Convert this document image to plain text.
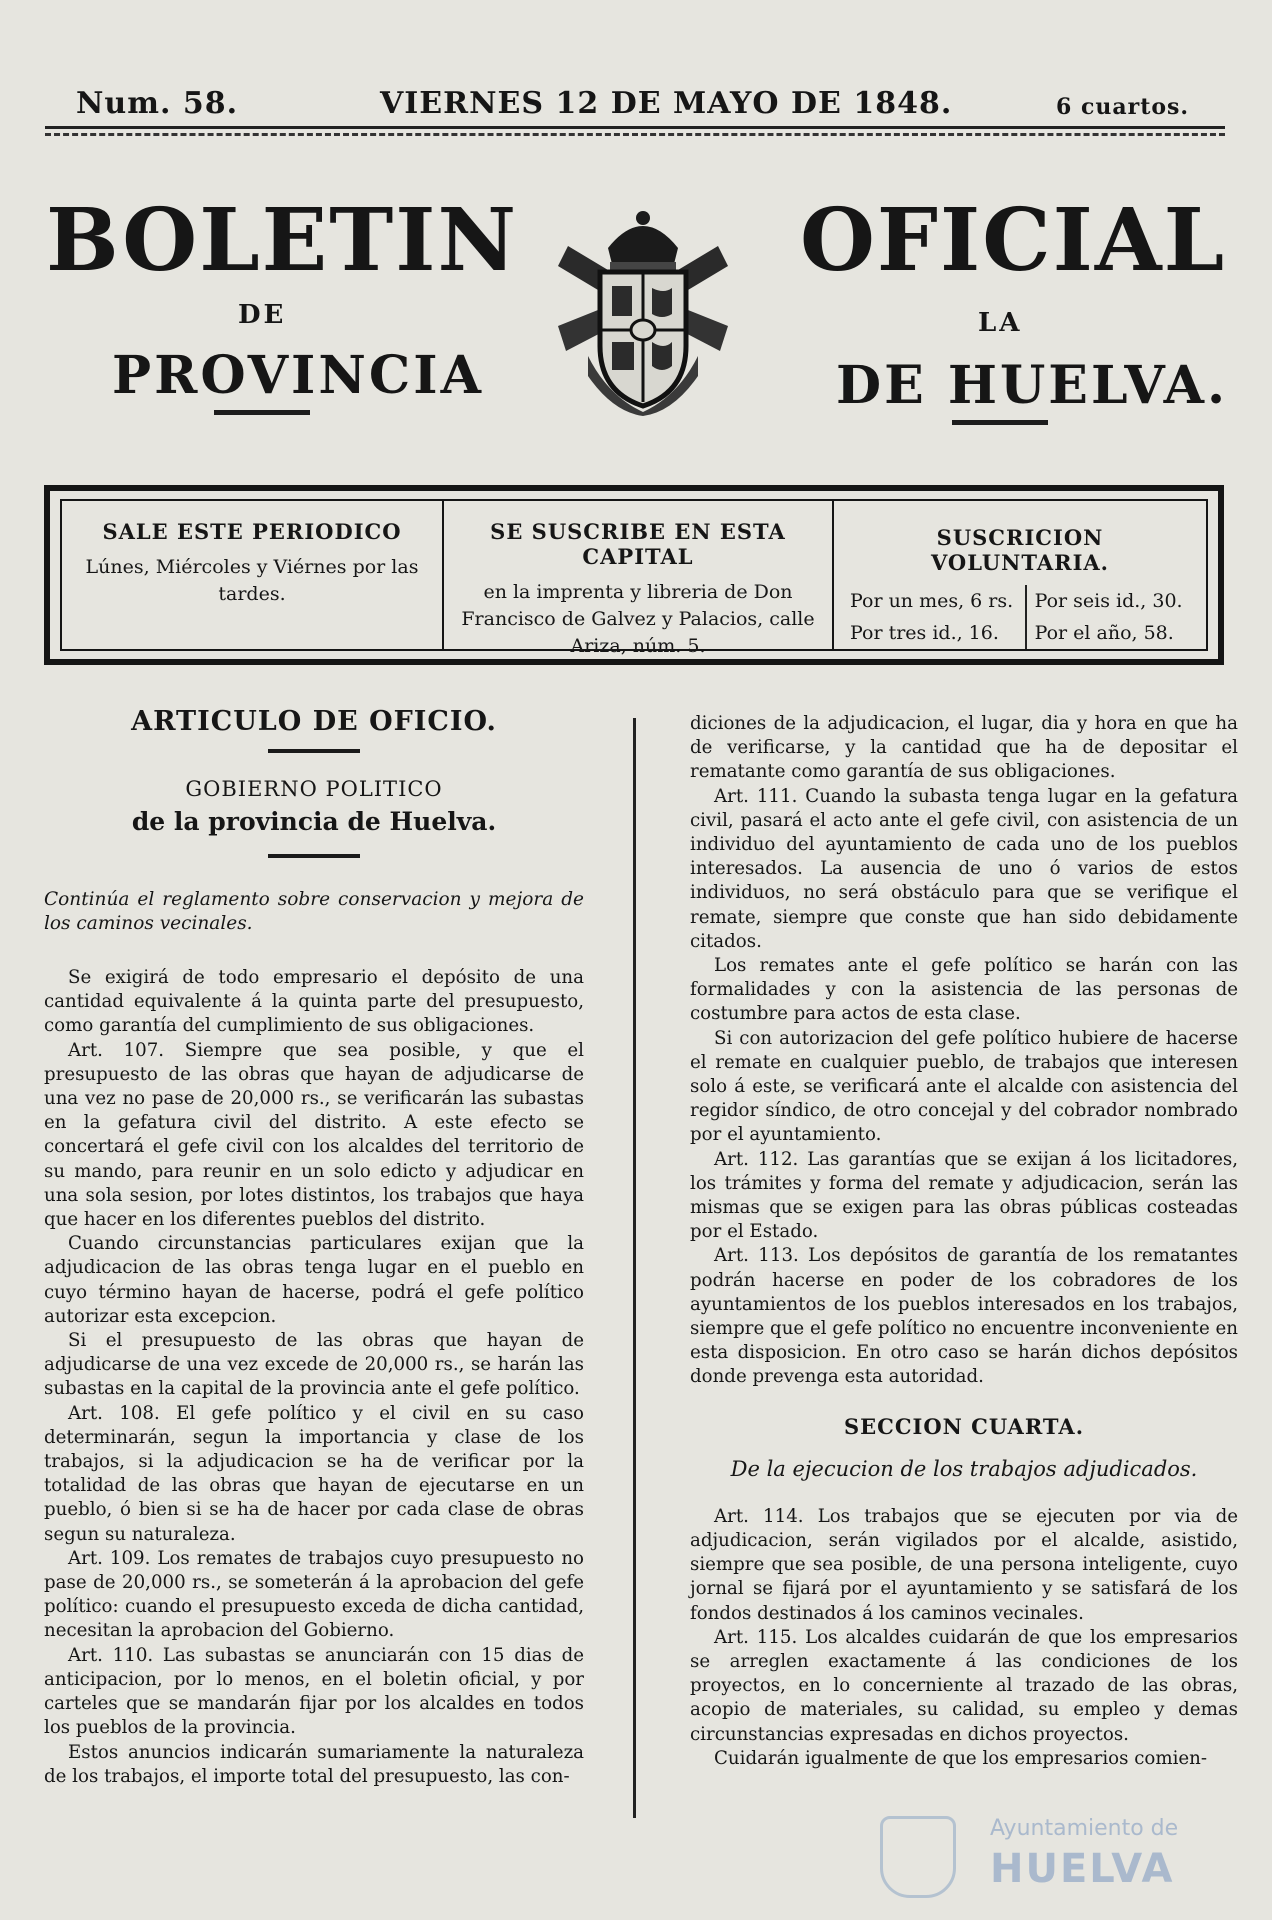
Num. 58.	VIERNES 12 DE MAYO DE 1848.	6 cuartos.
BOLETIN
DE
PROVINCIA
OFICIAL
LA
DE HUELVA.
SALE ESTE PERIODICO

Lúnes, Miércoles y Viérnes por las tardes.

SE SUSCRIBE EN ESTA CAPITAL

en la imprenta y libreria de Don Francisco de Galvez y Palacios, calle Ariza, núm. 5.

SUSCRICION VOLUNTARIA.
Por un mes, 6 rs.	Por seis id., 30.
Por tres id., 16.	Por el año, 58.
ARTICULO DE OFICIO.
GOBIERNO POLITICO
de la provincia de Huelva.
Continúa el reglamento sobre conservacion y mejora de los caminos vecinales.

Se exigirá de todo empresario el depósito de una cantidad equivalente á la quinta parte del presupuesto, como garantía del cumplimiento de sus obligaciones.

Art. 107. Siempre que sea posible, y que el presupuesto de las obras que hayan de adjudicarse de una vez no pase de 20,000 rs., se verificarán las subastas en la gefatura civil del distrito. A este efecto se concertará el gefe civil con los alcaldes del territorio de su mando, para reunir en un solo edicto y adjudicar en una sola sesion, por lotes distintos, los trabajos que haya que hacer en los diferentes pueblos del distrito.

Cuando circunstancias particulares exijan que la adjudicacion de las obras tenga lugar en el pueblo en cuyo término hayan de hacerse, podrá el gefe político autorizar esta excepcion.

Si el presupuesto de las obras que hayan de adjudicarse de una vez excede de 20,000 rs., se harán las subastas en la capital de la provincia ante el gefe político.

Art. 108. El gefe político y el civil en su caso determinarán, segun la importancia y clase de los trabajos, si la adjudicacion se ha de verificar por la totalidad de las obras que hayan de ejecutarse en un pueblo, ó bien si se ha de hacer por cada clase de obras segun su naturaleza.

Art. 109. Los remates de trabajos cuyo presupuesto no pase de 20,000 rs., se someterán á la aprobacion del gefe político: cuando el presupuesto exceda de dicha cantidad, necesitan la aprobacion del Gobierno.

Art. 110. Las subastas se anunciarán con 15 dias de anticipacion, por lo menos, en el boletin oficial, y por carteles que se mandarán fijar por los alcaldes en todos los pueblos de la provincia.

Estos anuncios indicarán sumariamente la naturaleza de los trabajos, el importe total del presupuesto, las con-

diciones de la adjudicacion, el lugar, dia y hora en que ha de verificarse, y la cantidad que ha de depositar el rematante como garantía de sus obligaciones.

Art. 111. Cuando la subasta tenga lugar en la gefatura civil, pasará el acto ante el gefe civil, con asistencia de un individuo del ayuntamiento de cada uno de los pueblos interesados. La ausencia de uno ó varios de estos individuos, no será obstáculo para que se verifique el remate, siempre que conste que han sido debidamente citados.

Los remates ante el gefe político se harán con las formalidades y con la asistencia de las personas de costumbre para actos de esta clase.

Si con autorizacion del gefe político hubiere de hacerse el remate en cualquier pueblo, de trabajos que interesen solo á este, se verificará ante el alcalde con asistencia del regidor síndico, de otro concejal y del cobrador nombrado por el ayuntamiento.

Art. 112. Las garantías que se exijan á los licitadores, los trámites y forma del remate y adjudicacion, serán las mismas que se exigen para las obras públicas costeadas por el Estado.

Art. 113. Los depósitos de garantía de los rematantes podrán hacerse en poder de los cobradores de los ayuntamientos de los pueblos interesados en los trabajos, siempre que el gefe político no encuentre inconveniente en esta disposicion. En otro caso se harán dichos depósitos donde prevenga esta autoridad.

SECCION CUARTA.
De la ejecucion de los trabajos adjudicados.

Art. 114. Los trabajos que se ejecuten por via de adjudicacion, serán vigilados por el alcalde, asistido, siempre que sea posible, de una persona inteligente, cuyo jornal se fijará por el ayuntamiento y se satisfará de los fondos destinados á los caminos vecinales.

Art. 115. Los alcaldes cuidarán de que los empresarios se arreglen exactamente á las condiciones de los proyectos, en lo concerniente al trazado de las obras, acopio de materiales, su calidad, su empleo y demas circunstancias expresadas en dichos proyectos.

Cuidarán igualmente de que los empresarios comien-

Ayuntamiento de
HUELVA
